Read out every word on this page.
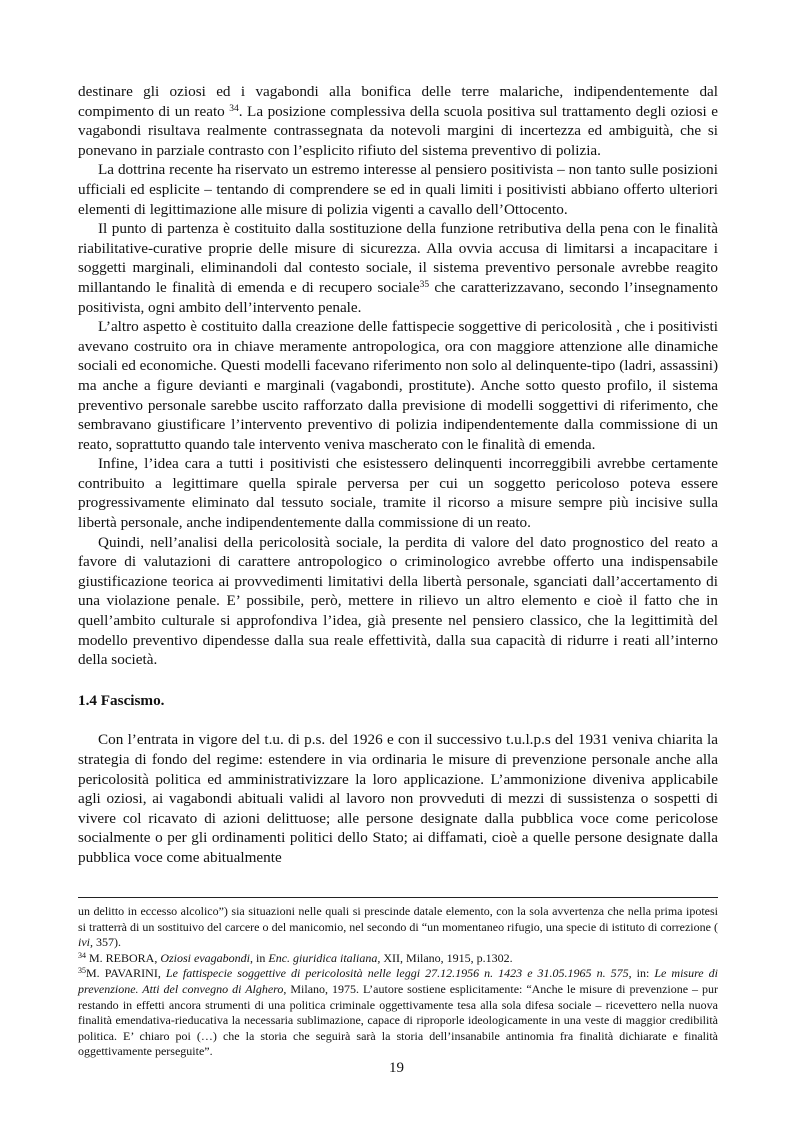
destinare gli oziosi ed i vagabondi alla bonifica delle terre malariche, indipendentemente dal compimento di un reato $^{34}$. La posizione complessiva della scuola positiva sul trattamento degli oziosi e vagabondi risultava realmente contrassegnata da notevoli margini di incertezza ed ambiguità, che si ponevano in parziale contrasto con l’esplicito rifiuto del sistema preventivo di polizia.

La dottrina recente ha riservato un estremo interesse al pensiero positivista – non tanto sulle posizioni ufficiali ed esplicite – tentando di comprendere se ed in quali limiti i positivisti abbiano offerto ulteriori elementi di legittimazione alle misure di polizia vigenti a cavallo dell’Ottocento.

Il punto di partenza è costituito dalla sostituzione della funzione retributiva della pena con le finalità riabilitative-curative proprie delle misure di sicurezza. Alla ovvia accusa di limitarsi a incapacitare i soggetti marginali, eliminandoli dal contesto sociale, il sistema preventivo personale avrebbe reagito millantando le finalità di emenda e di recupero sociale$^{35}$ che caratterizzavano, secondo l’insegnamento positivista, ogni ambito dell’intervento penale.

L’altro aspetto è costituito dalla creazione delle fattispecie soggettive di pericolosità , che i positivisti avevano costruito ora in chiave meramente antropologica, ora con maggiore attenzione alle dinamiche sociali ed economiche. Questi modelli facevano riferimento non solo al delinquente-tipo (ladri, assassini) ma anche a figure devianti e marginali (vagabondi, prostitute). Anche sotto questo profilo, il sistema preventivo personale sarebbe uscito rafforzato dalla previsione di modelli soggettivi di riferimento, che sembravano giustificare l’intervento preventivo di polizia indipendentemente dalla commissione di un reato, soprattutto quando tale intervento veniva mascherato con le finalità di emenda.

Infine, l’idea cara a tutti i positivisti che esistessero delinquenti incorreggibili avrebbe certamente contribuito a legittimare quella spirale perversa per cui un soggetto pericoloso poteva essere progressivamente eliminato dal tessuto sociale, tramite il ricorso a misure sempre più incisive sulla libertà personale, anche indipendentemente dalla commissione di un reato.

Quindi, nell’analisi della pericolosità sociale, la perdita di valore del dato prognostico del reato a favore di valutazioni di carattere antropologico o criminologico avrebbe offerto una indispensabile giustificazione teorica ai provvedimenti limitativi della libertà personale, sganciati dall’accertamento di una violazione penale. E’ possibile, però, mettere in rilievo un altro elemento e cioè il fatto che in quell’ambito culturale si approfondiva l’idea, già presente nel pensiero classico, che la legittimità del modello preventivo dipendesse dalla sua reale effettività, dalla sua capacità di ridurre i reati all’interno della società.

1.4 Fascismo.

Con l’entrata in vigore del t.u. di p.s. del 1926 e con il successivo t.u.l.p.s del 1931 veniva chiarita la strategia di fondo del regime: estendere in via ordinaria le misure di prevenzione personale anche alla pericolosità politica ed amministrativizzare la loro applicazione. L’ammonizione diveniva applicabile agli oziosi, ai vagabondi abituali validi al lavoro non provveduti di mezzi di sussistenza o sospetti di vivere col ricavato di azioni delittuose; alle persone designate dalla pubblica voce come pericolose socialmente o per gli ordinamenti politici dello Stato; ai diffamati, cioè a quelle persone designate dalla pubblica voce come abitualmente

un delitto in eccesso alcolico”) sia situazioni nelle quali si prescinde datale elemento, con la sola avvertenza che nella prima ipotesi si tratterrà di un sostituivo del carcere o del manicomio, nel secondo di “un momentaneo rifugio, una specie di istituto di correzione ( ivi, 357).

$^{34}$ M. REBORA, Oziosi evagabondi, in Enc. giuridica italiana, XII, Milano, 1915, p.1302.

$^{35}$M. PAVARINI, Le fattispecie soggettive di pericolosità nelle leggi 27.12.1956 n. 1423 e 31.05.1965 n. 575, in: Le misure di prevenzione. Atti del convegno di Alghero, Milano, 1975. L’autore sostiene esplicitamente: “Anche le misure di prevenzione – pur restando in effetti ancora strumenti di una politica criminale oggettivamente tesa alla sola difesa sociale – ricevettero nella nuova finalità emendativa-rieducativa la necessaria sublimazione, capace di riproporle ideologicamente in una veste di maggior credibilità politica. E’ chiaro poi (…) che la storia che seguirà sarà la storia dell’insanabile antinomia fra finalità dichiarate e finalità oggettivamente perseguite”.

19
